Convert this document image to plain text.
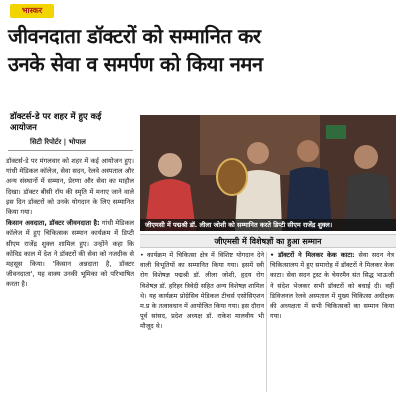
भास्कर
जीवनदाता डॉक्टरों को सम्मानित कर
उनके सेवा व समर्पण को किया नमन
डॉक्टर्स-डे पर शहर में हुए कई आयोजन
सिटी रिपोर्टर | भोपाल

डॉक्टर्स-डे पर मंगलवार को शहर में कई आयोजन हुए। गांधी मेडिकल कॉलेज, सेवा सदन, रेलवे अस्पताल और अन्य संस्थानों में सम्मान, प्रेरणा और सेवा का माहौल दिखा। डॉक्टर बीसी रॉय की स्मृति में मनाए जाने वाले इस दिन डॉक्टरों को उनके योगदान के लिए सम्मानित किया गया।

किसान अवदाता, डॉक्टर जीवनदाता है: गांधी मेडिकल कॉलेज में हुए चिकित्सक सम्मान कार्यक्रम में डिप्टी सीएम राजेंद्र शुक्ल शामिल हुए। उन्होंने कहा कि कोविड काल में देश ने डॉक्टरों की सेवा को नजदीक से महसूस किया। 'किसान अन्नदाता है, डॉक्टर जीवनदाता', यह वाक्य उनकी भूमिका को परिभाषित करता है।

जीएमसी में पद्मश्री डॉ. लीला जोशी को सम्मानित करते डिप्टी सीएम राजेंद्र शुक्ल।
जीएमसी में विशेषज्ञों का हुआ सम्मान
• कार्यक्रम में चिकित्सा क्षेत्र में विशिष्ट योगदान देने वाली विभूतियों का सम्मानित किया गया। इसमें स्त्री रोग विशेषज्ञ पद्मश्री डॉ. लीला जोशी, हृदय रोग विशेषज्ञ डॉ. हरिहर त्रिवेदी सहित अन्य विशेषज्ञ शामिल थे। यह कार्यक्रम प्रोग्रेसिव मेडिकल टीचर्स एसोसिएशन म.प्र के तत्वावधान में आयोजित किया गया। इस दौरान पूर्व सांसद, प्रदेश अध्यक्ष डॉ. राकेश मालवीय भी मौजूद थे।
• डॉक्टरों ने मिलकर केक काटा: सेवा सदन नेत्र चिकित्सालय में हुए समारोह में डॉक्टरों ने मिलकर केक काटा। सेवा सदन ट्रस्ट के चेयरमैन संत सिद्ध भाऊजी ने संदेश भेजकर सभी डॉक्टरों को बधाई दी। वहीं डिविजनल रेलवे अस्पताल में मुख्य चिकित्सा अधीक्षक की अध्यक्षता में सभी चिकित्सकों का सम्मान किया गया।
